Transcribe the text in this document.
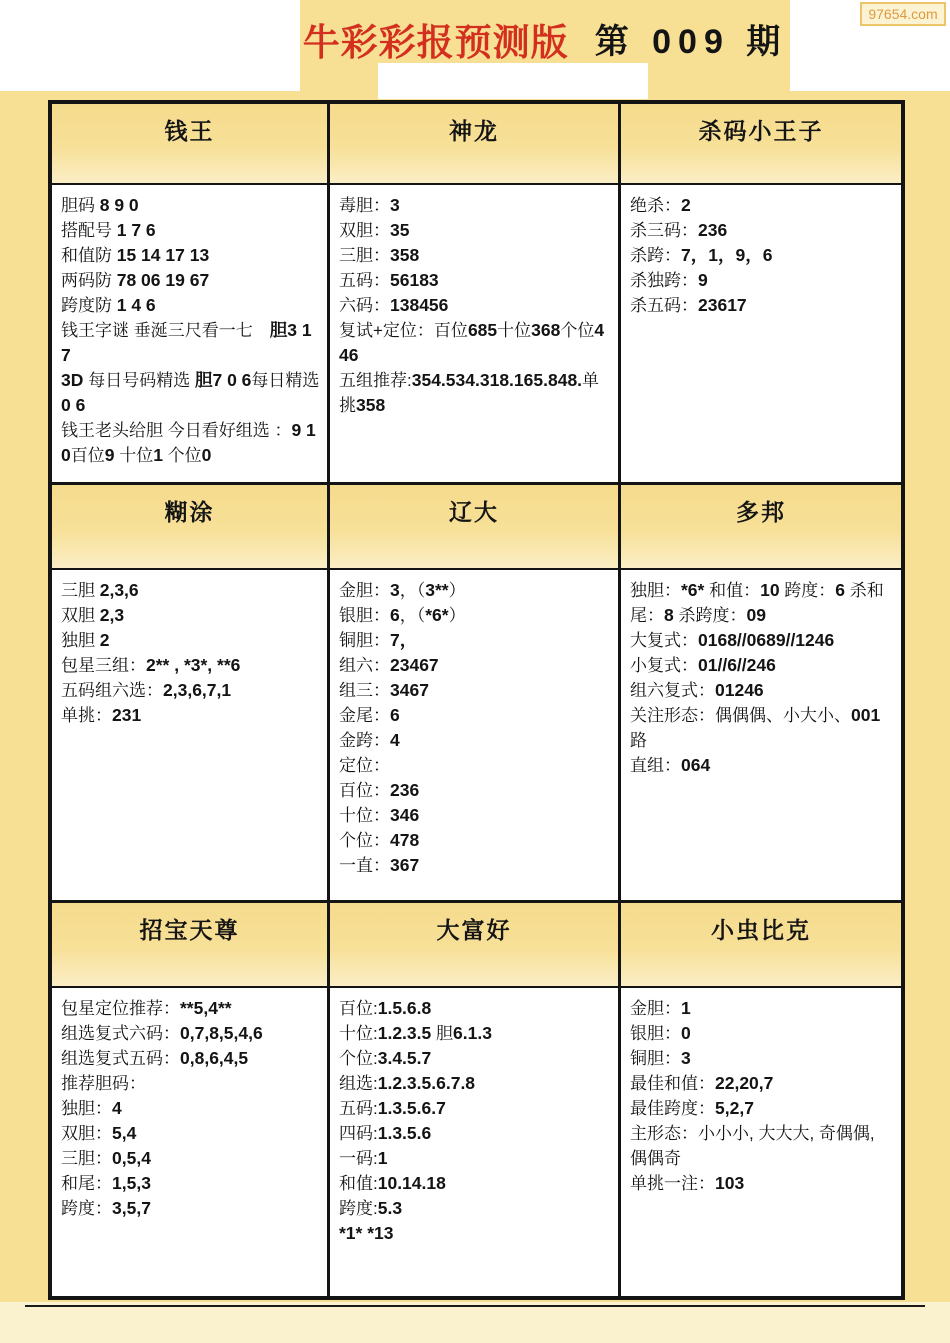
牛彩彩报预测版 第 009 期
97654.com
钱王	神龙	杀码小王子
胆码 8 9 0
搭配号 1 7 6
和值防 15 14 17 13
两码防 78 06 19 67
跨度防 1 4 6
钱王字谜 垂涎三尺看一七　胆3 1 7
3D 每日号码精选 胆7 0 6每日精选 0 6
钱王老头给胆 今日看好组选 ：9 1 0百位9 十位1 个位0
毒胆：3
双胆：35
三胆：358
五码：56183
六码：138456
复试+定位：百位685十位368个位446
五组推荐:354.534.318.165.848.单挑358
绝杀：2
杀三码：236
杀跨：7，1，9，6
杀独跨：9
杀五码：23617
糊涂	辽大	多邦
三胆 2,3,6
双胆 2,3
独胆 2
包星三组：2** , *3*, **6
五码组六选：2,3,6,7,1
单挑：231
金胆：3，（3**）
银胆：6，（*6*）
铜胆：7，
组六：23467
组三：3467
金尾：6
金跨：4
定位：
百位：236
十位：346
个位：478
一直：367
独胆：*6* 和值：10 跨度：6 杀和尾：8 杀跨度：09
大复式：0168//0689//1246
小复式：01//6//246
组六复式：01246
关注形态：偶偶偶、小大小、001路
直组：064
招宝天尊	大富好	小虫比克
包星定位推荐：**5,4**
组选复式六码：0,7,8,5,4,6
组选复式五码：0,8,6,4,5
推荐胆码：
独胆：4
双胆：5,4
三胆：0,5,4
和尾：1,5,3
跨度：3,5,7
百位:1.5.6.8
十位:1.2.3.5 胆6.1.3
个位:3.4.5.7
组选:1.2.3.5.6.7.8
五码:1.3.5.6.7
四码:1.3.5.6
一码:1
和值:10.14.18
跨度:5.3
*1* *13
金胆：1
银胆：0
铜胆：3
最佳和值：22,20,7
最佳跨度：5,2,7
主形态：小小小, 大大大, 奇偶偶, 偶偶奇
单挑一注：103
